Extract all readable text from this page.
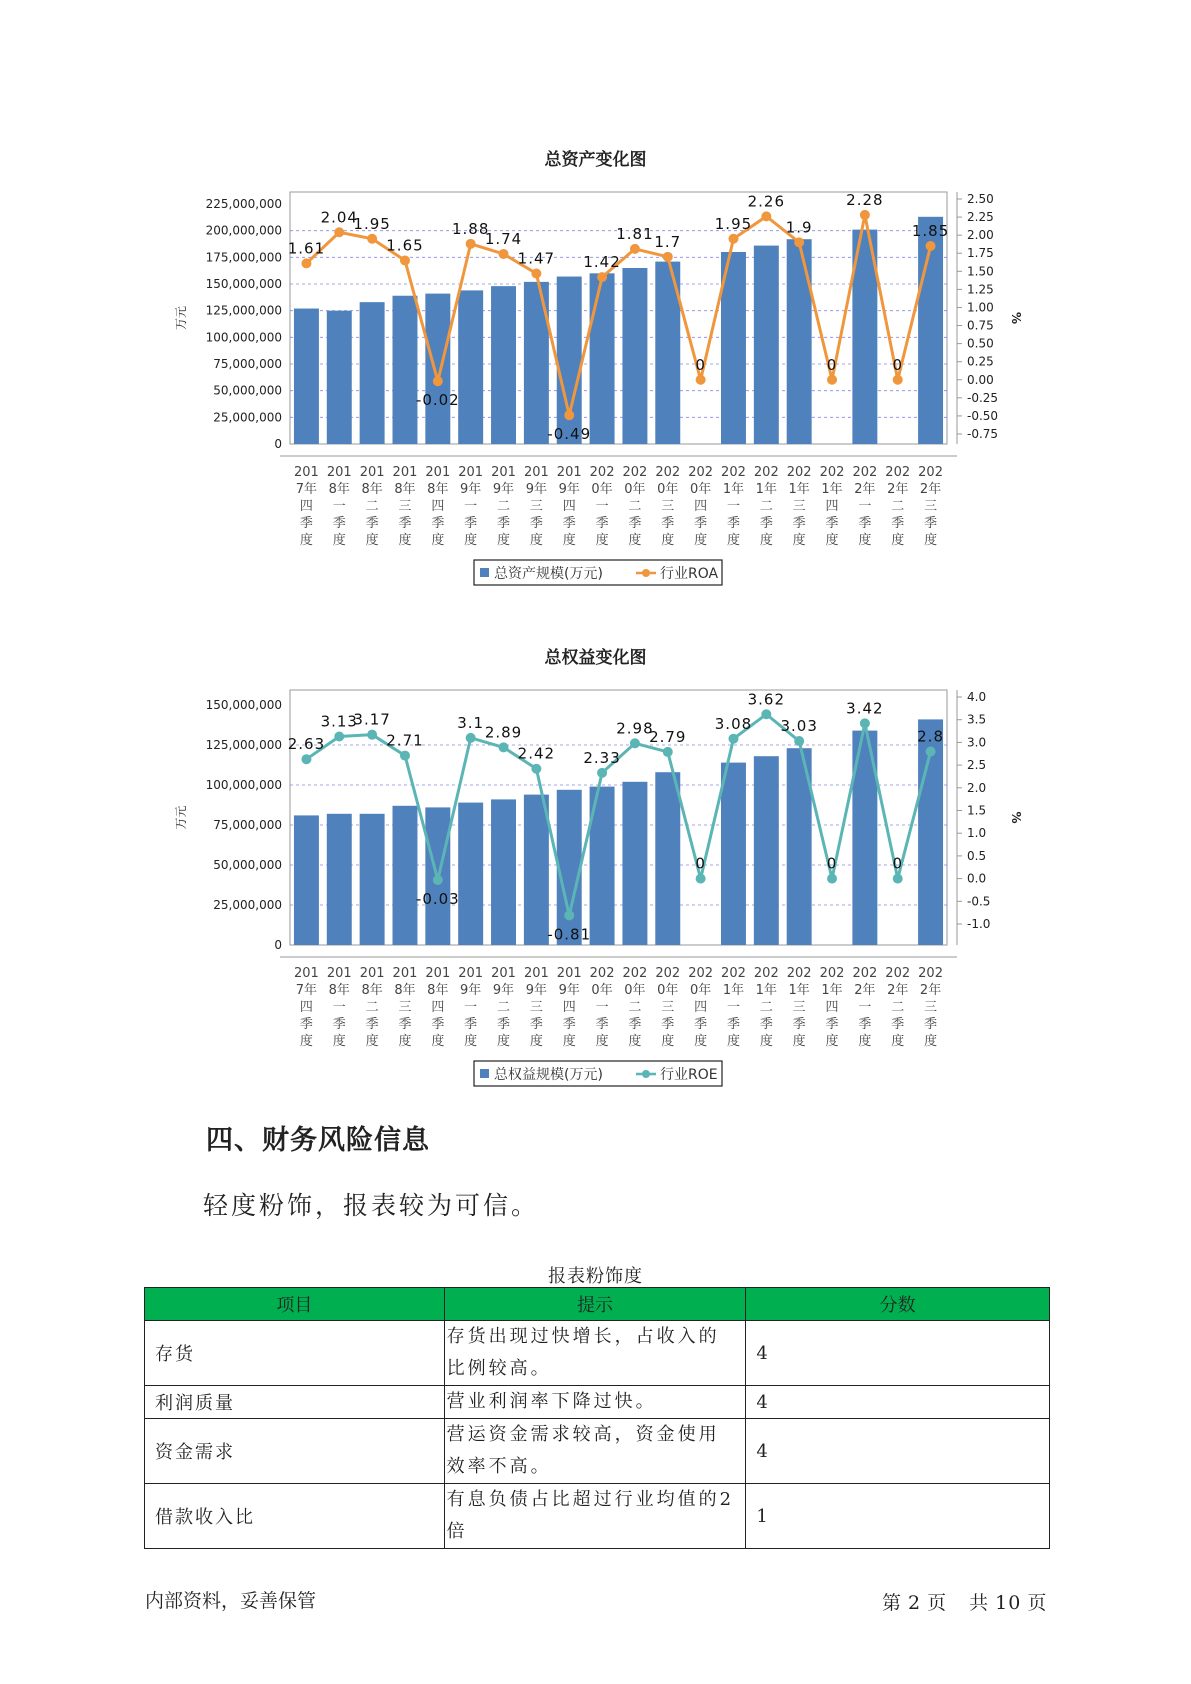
总资产变化图
225,000,000
200,000,000
175,000,000
150,000,000
125,000,000
100,000,000
75,000,000
50,000,000
25,000,000
0
万元
2.50
2.25
2.00
1.75
1.50
1.25
1.00
0.75
0.50
0.25
0.00
-0.25
-0.50
-0.75
%
1.61
2.04
1.95
1.65
-0.02
1.88
1.74
1.47
-0.49
1.42
1.81 1.7
0
1.95
2.26
1.9
0
2.28
0
1.85
201
7年
四
季
度
201
8年
一
季
度
201
8年
二
季
度
201
8年
三
季
度
201
8年
四
季
度
201
9年
一
季
度
201
9年
二
季
度
201
9年
三
季
度
201
9年
四
季
度
202
0年
一
季
度
202
0年
二
季
度
202
0年
三
季
度
202
0年
四
季
度
202
1年
一
季
度
202
1年
二
季
度
202
1年
三
季
度
202
1年
四
季
度
202
2年
一
季
度
202
2年
二
季
度
202
2年
三
季
度
总资产规模(万元)	行业ROA
总权益变化图
150,000,000
125,000,000
100,000,000
75,000,000
50,000,000
25,000,000
0
万元
4.0
3.5
3.0
2.5
2.0
1.5
1.0
0.5
0.0
-0.5
-1.0
%
2.63
3.13
3.17
2.71
-0.03
3.1
2.89
2.42
-0.81
2.33
2.98
2.79
0
3.08
3.62
3.03
0
3.42
0
2.8
201
7年
四
季
度
201
8年
一
季
度
201
8年
二
季
度
201
8年
三
季
度
201
8年
四
季
度
201
9年
一
季
度
201
9年
二
季
度
201
9年
三
季
度
201
9年
四
季
度
202
0年
一
季
度
202
0年
二
季
度
202
0年
三
季
度
202
0年
四
季
度
202
1年
一
季
度
202
1年
二
季
度
202
1年
三
季
度
202
1年
四
季
度
202
2年
一
季
度
202
2年
二
季
度
202
2年
三
季
度
总权益规模(万元)	行业ROE
四、财务风险信息
轻度粉饰，报表较为可信。
报表粉饰度
项目	提示	分数
存货	存货出现过快增长，占收入的比例较高。	4
利润质量	营业利润率下降过快。	4
资金需求	营运资金需求较高，资金使用效率不高。	4
借款收入比	有息负债占比超过行业均值的2倍	1
内部资料，妥善保管	第 2 页 共 10 页
